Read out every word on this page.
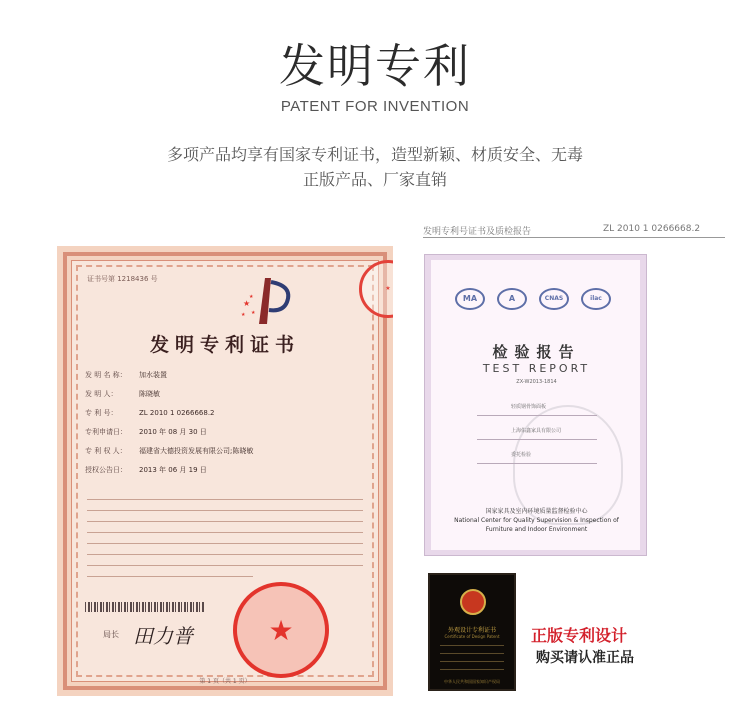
发明专利
PATENT FOR INVENTION
多项产品均享有国家专利证书，造型新颖、材质安全、无毒
正版产品、厂家直销
证书号第 1218436 号
★
★
★ ★
★
发明专利证书
发 明 名 称： 加水装置
发 明 人：	陈晓敏
专 利 号：	ZL 2010 1 0266668.2
专利申请日： 2010 年 08 月 30 日
专 利 权 人： 福建省大德投资发展有限公司;陈晓敏
授权公告日： 2013 年 06 月 19 日
局长 田力普	★
第 1 页（共 1 页）
发明专利号证书及质检报告	ZL 2010 1 0266668.2
MA	A	CNAS	ilac
检验报告
TEST REPORT
ZX-W2013-1814
轻质钢骨饰面板
上海佑鑫家具有限公司
委托检验
国家家具及室内环境质量监督检验中心
National Center for Quality Supervision & Inspection of
Furniture and Indoor Environment
外观设计专利证书
Certificate of Design Patent
中华人民共和国国家知识产权局
正版专利设计
购买请认准正品
